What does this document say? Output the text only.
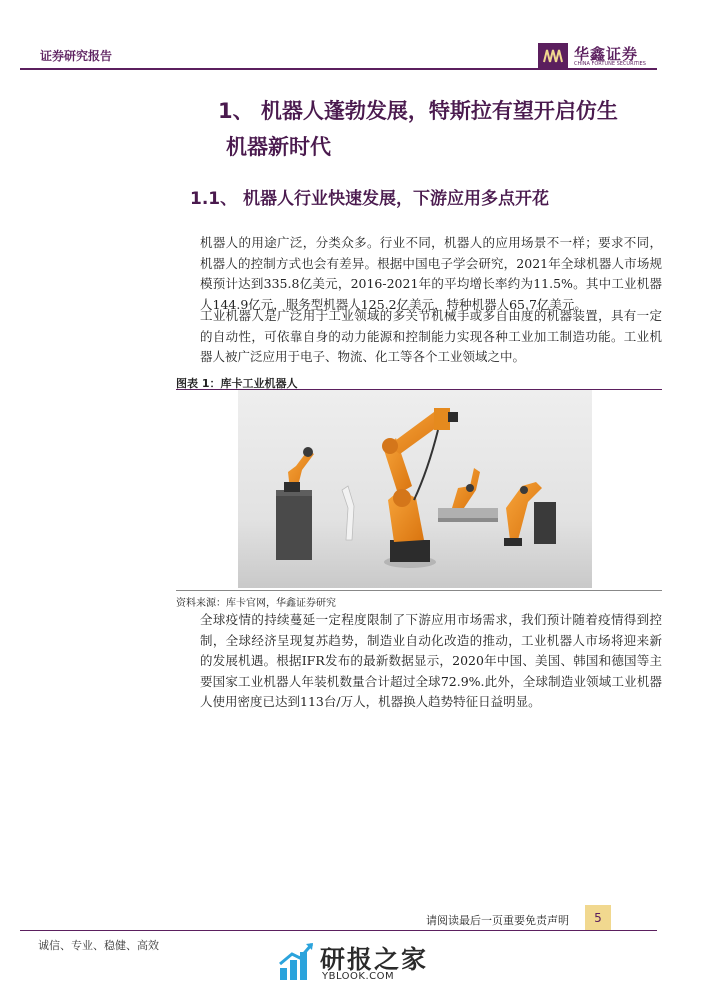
证券研究报告	华鑫证券
CHINA FORTUNE SECURITIES
1、 机器人蓬勃发展，特斯拉有望开启仿生
机器新时代
1.1、 机器人行业快速发展，下游应用多点开花

机器人的用途广泛，分类众多。行业不同，机器人的应用场景不一样；要求不同，机器人的控制方式也会有差异。根据中国电子学会研究，2021年全球机器人市场规模预计达到335.8亿美元，2016-2021年的平均增长率约为11.5%。其中工业机器人144.9亿元，服务型机器人125.2亿美元，特种机器人65.7亿美元。

工业机器人是广泛用于工业领域的多关节机械手或多自由度的机器装置，具有一定的自动性，可依靠自身的动力能源和控制能力实现各种工业加工制造功能。工业机器人被广泛应用于电子、物流、化工等各个工业领域之中。

图表 1：库卡工业机器人
资料来源：库卡官网，华鑫证券研究

全球疫情的持续蔓延一定程度限制了下游应用市场需求，我们预计随着疫情得到控制，全球经济呈现复苏趋势，制造业自动化改造的推动，工业机器人市场将迎来新的发展机遇。根据IFR发布的最新数据显示，2020年中国、美国、韩国和德国等主要国家工业机器人年装机数量合计超过全球72.9%.此外，全球制造业领域工业机器人使用密度已达到113台/万人，机器换人趋势特征日益明显。

请阅读最后一页重要免责声明	5
诚信、专业、稳健、高效	研报之家
YBLOOK.COM
